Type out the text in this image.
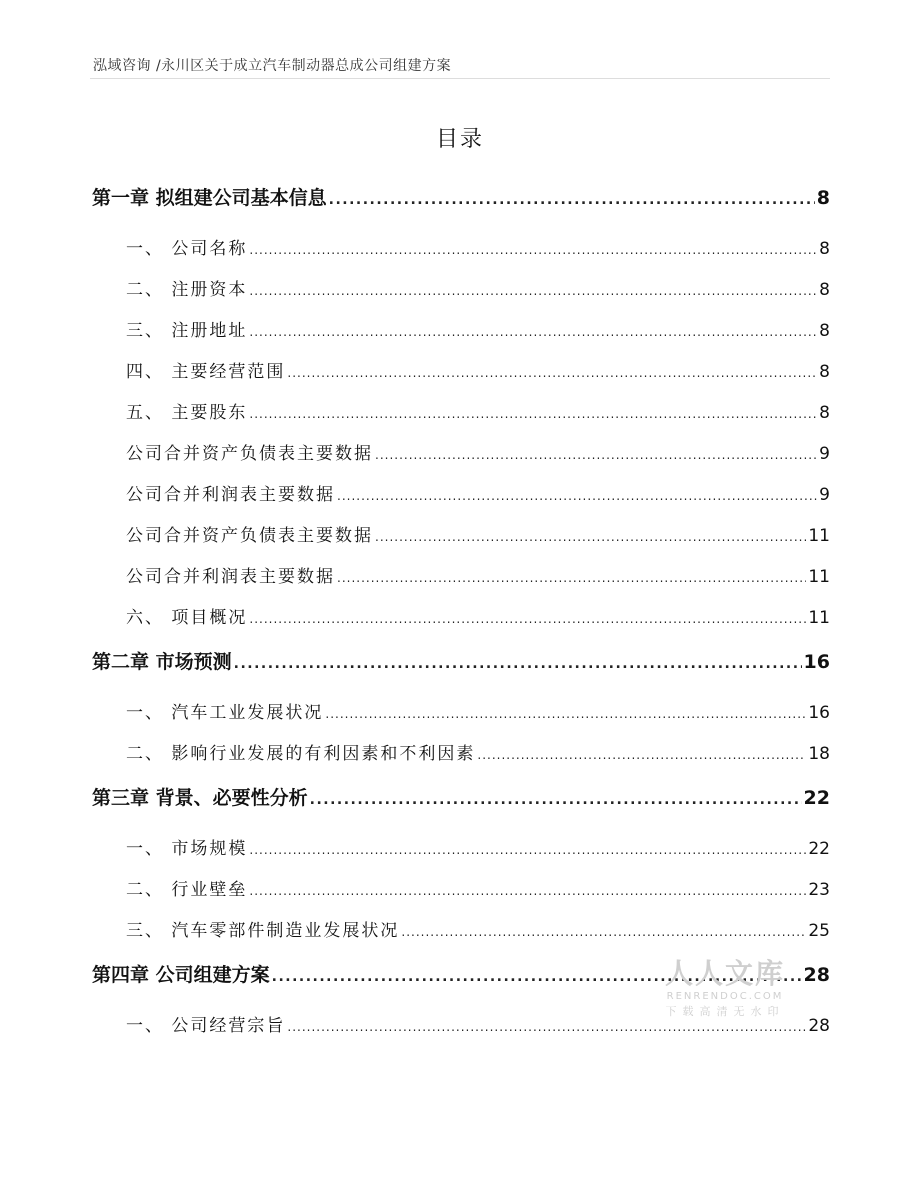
泓域咨询 /永川区关于成立汽车制动器总成公司组建方案
目录
第一章 拟组建公司基本信息 .....	8
一、 公司名称 .....	8
二、 注册资本 .....	8
三、 注册地址 .....	8
四、 主要经营范围 .....	8
五、 主要股东 .....	8
公司合并资产负债表主要数据 .....	9
公司合并利润表主要数据 .....	9
公司合并资产负债表主要数据 .....	11
公司合并利润表主要数据 .....	11
六、 项目概况 .....	11
第二章 市场预测 .....	16
一、 汽车工业发展状况 .....	16
二、 影响行业发展的有利因素和不利因素 .....	18
第三章 背景、必要性分析 .....	22
一、 市场规模 .....	22
二、 行业壁垒 .....	23
三、 汽车零部件制造业发展状况 .....	25
第四章 公司组建方案 .....	28
一、 公司经营宗旨 .....	28
人人文库
RENRENDOC.COM
下载高清无水印
